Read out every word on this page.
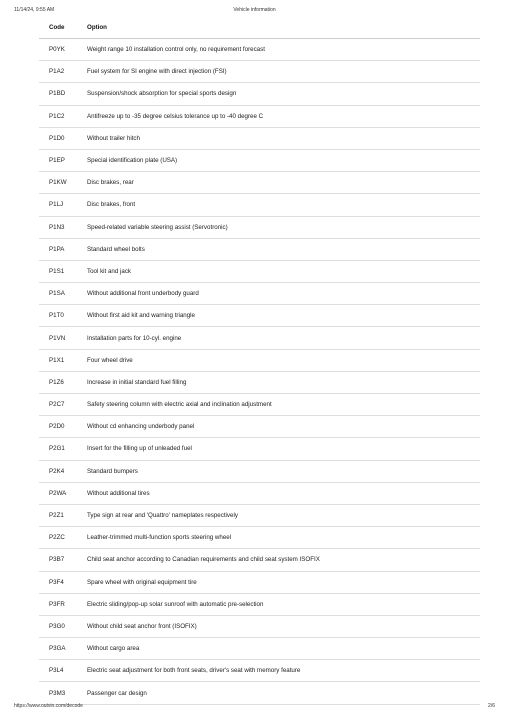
11/14/24, 9:55 AM	Vehicle information
Code	Option
P0YK	Weight range 10 installation control only, no requirement forecast
P1A2	Fuel system for SI engine with direct injection (FSI)
P1BD	Suspension/shock absorption for special sports design
P1C2	Antifreeze up to -35 degree celsius tolerance up to -40 degree C
P1D0	Without trailer hitch
P1EP	Special identification plate (USA)
P1KW	Disc brakes, rear
P1LJ	Disc brakes, front
P1N3	Speed-related variable steering assist (Servotronic)
P1PA	Standard wheel bolts
P1S1	Tool kit and jack
P1SA	Without additional front underbody guard
P1T0	Without first aid kit and warning triangle
P1VN	Installation parts for 10-cyl. engine
P1X1	Four wheel drive
P1Z6	Increase in initial standard fuel filling
P2C7	Safety steering column with electric axial and inclination adjustment
P2D0	Without cd enhancing underbody panel
P2G1	Insert for the filling up of unleaded fuel
P2K4	Standard bumpers
P2WA	Without additional tires
P2Z1	Type sign at rear and 'Quattro' nameplates respectively
P2ZC	Leather-trimmed multi-function sports steering wheel
P3B7	Child seat anchor according to Canadian requirements and child seat system ISOFIX
P3F4	Spare wheel with original equipment tire
P3FR	Electric sliding/pop-up solar sunroof with automatic pre-selection
P3G0	Without child seat anchor front (ISOFIX)
P3GA	Without cargo area
P3L4	Electric seat adjustment for both front seats, driver's seat with memory feature
P3M3	Passenger car design
https://www.outvin.com/decode	2/6
